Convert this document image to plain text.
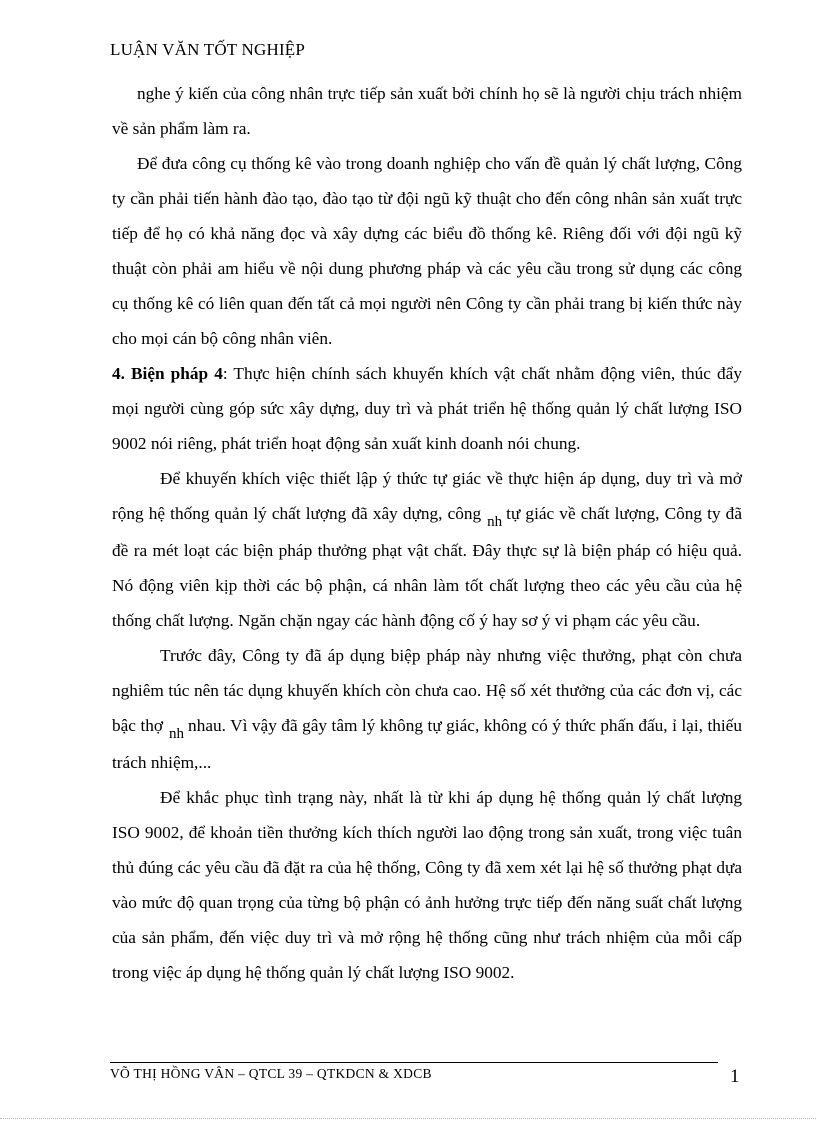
LUẬN VĂN TỐT NGHIỆP

nghe ý kiến của công nhân trực tiếp sản xuất bởi chính họ sẽ là người chịu trách nhiệm về sản phẩm làm ra.

Để đưa công cụ thống kê vào trong doanh nghiệp cho vấn đề quản lý chất lượng, Công ty cần phải tiến hành đào tạo, đào tạo từ đội ngũ kỹ thuật cho đến công nhân sản xuất trực tiếp để họ có khả năng đọc và xây dựng các biểu đồ thống kê. Riêng đối với đội ngũ kỹ thuật còn phải am hiểu về nội dung phương pháp và các yêu cầu trong sử dụng các công cụ thống kê có liên quan đến tất cả mọi người nên Công ty cần phải trang bị kiến thức này cho mọi cán bộ công nhân viên.

4. Biện pháp 4: Thực hiện chính sách khuyến khích vật chất nhằm động viên, thúc đẩy mọi người cùng góp sức xây dựng, duy trì và phát triển hệ thống quản lý chất lượng ISO 9002 nói riêng, phát triển hoạt động sản xuất kinh doanh nói chung.

Để khuyến khích việc thiết lập ý thức tự giác về thực hiện áp dụng, duy trì và mở rộng hệ thống quản lý chất lượng đã xây dựng, công nh tự giác về chất lượng, Công ty đã đề ra mét loạt các biện pháp thưởng phạt vật chất. Đây thực sự là biện pháp có hiệu quả. Nó động viên kịp thời các bộ phận, cá nhân làm tốt chất lượng theo các yêu cầu của hệ thống chất lượng. Ngăn chặn ngay các hành động cố ý hay sơ ý vi phạm các yêu cầu.

Trước đây, Công ty đã áp dụng biệp pháp này nhưng việc thưởng, phạt còn chưa nghiêm túc nên tác dụng khuyến khích còn chưa cao. Hệ số xét thưởng của các đơn vị, các bậc thợ nh nhau. Vì vậy đã gây tâm lý không tự giác, không có ý thức phấn đấu, ỉ lại, thiếu trách nhiệm,...

Để khắc phục tình trạng này, nhất là từ khi áp dụng hệ thống quản lý chất lượng ISO 9002, để khoản tiền thưởng kích thích người lao động trong sản xuất, trong việc tuân thủ đúng các yêu cầu đã đặt ra của hệ thống, Công ty đã xem xét lại hệ số thưởng phạt dựa vào mức độ quan trọng của từng bộ phận có ảnh hưởng trực tiếp đến năng suất chất lượng của sản phẩm, đến việc duy trì và mở rộng hệ thống cũng như trách nhiệm của mỗi cấp trong việc áp dụng hệ thống quản lý chất lượng ISO 9002.

VÕ THỊ HỒNG VÂN – QTCL 39 – QTKDCN & XDCB	1
